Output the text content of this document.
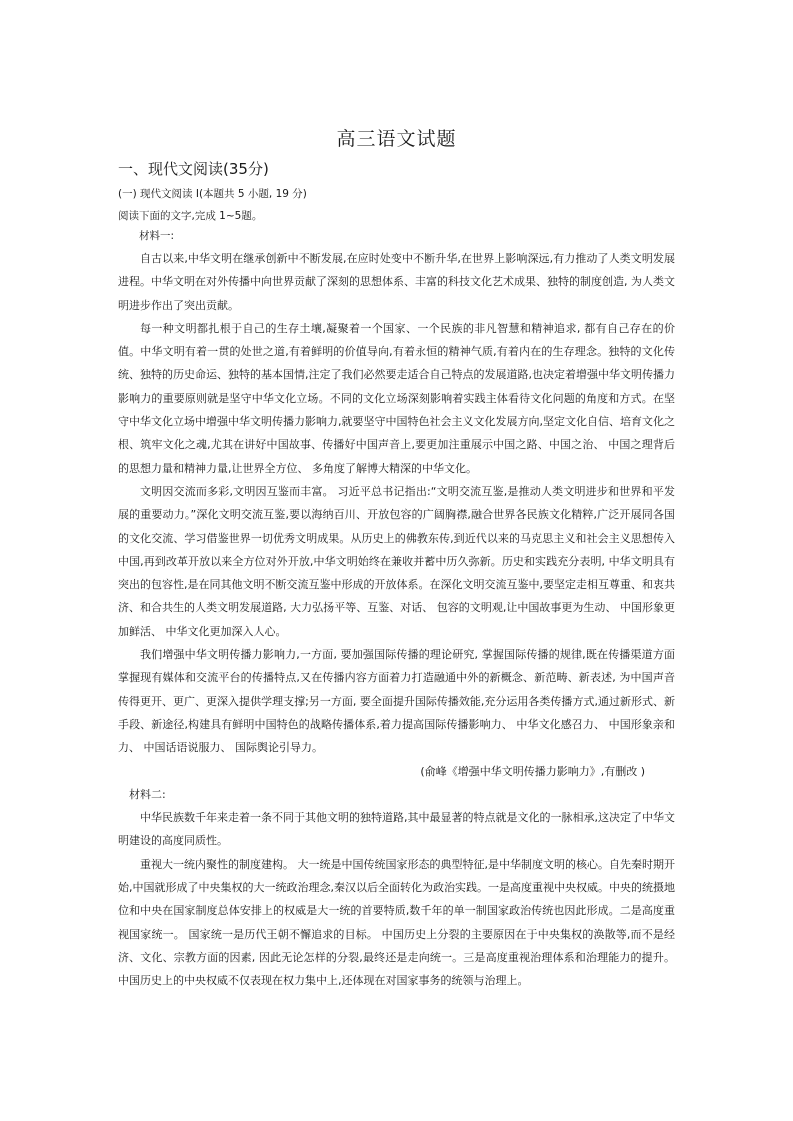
高三语文试题
一、现代文阅读(35分)
(一) 现代文阅读 I(本题共 5 小题, 19 分)
阅读下面的文字,完成 1~5题。
材料一:

自古以来,中华文明在继承创新中不断发展,在应时处变中不断升华,在世界上影响深远,有力推动了人类文明发展进程。中华文明在对外传播中向世界贡献了深刻的思想体系、丰富的科技文化艺术成果、独特的制度创造, 为人类文明进步作出了突出贡献。

每一种文明都扎根于自己的生存土壤,凝聚着一个国家、一个民族的非凡智慧和精神追求, 都有自己存在的价值。中华文明有着一贯的处世之道,有着鲜明的价值导向,有着永恒的精神气质,有着内在的生存理念。独特的文化传统、独特的历史命运、独特的基本国情,注定了我们必然要走适合自己特点的发展道路,也决定着增强中华文明传播力影响力的重要原则就是坚守中华文化立场。不同的文化立场深刻影响着实践主体看待文化问题的角度和方式。在坚守中华文化立场中增强中华文明传播力影响力,就要坚守中国特色社会主义文化发展方向,坚定文化自信、培育文化之根、筑牢文化之魂,尤其在讲好中国故事、传播好中国声音上,要更加注重展示中国之路、中国之治、 中国之理背后的思想力量和精神力量,让世界全方位、 多角度了解博大精深的中华文化。

文明因交流而多彩,文明因互鉴而丰富。 习近平总书记指出:“文明交流互鉴,是推动人类文明进步和世界和平发展的重要动力。”深化文明交流互鉴,要以海纳百川、开放包容的广阔胸襟,融合世界各民族文化精粹,广泛开展同各国的文化交流、学习借鉴世界一切优秀文明成果。从历史上的佛教东传,到近代以来的马克思主义和社会主义思想传入中国,再到改革开放以来全方位对外开放,中华文明始终在兼收并蓄中历久弥新。历史和实践充分表明, 中华文明具有突出的包容性,是在同其他文明不断交流互鉴中形成的开放体系。在深化文明交流互鉴中,要坚定走相互尊重、和衷共济、和合共生的人类文明发展道路, 大力弘扬平等、互鉴、对话、 包容的文明观,让中国故事更为生动、 中国形象更加鲜活、 中华文化更加深入人心。

我们增强中华文明传播力影响力,一方面, 要加强国际传播的理论研究, 掌握国际传播的规律,既在传播渠道方面掌握现有媒体和交流平台的传播特点,又在传播内容方面着力打造融通中外的新概念、新范畴、新表述, 为中国声音传得更开、更广、更深入提供学理支撑;另一方面, 要全面提升国际传播效能,充分运用各类传播方式,通过新形式、新手段、新途径,构建具有鲜明中国特色的战略传播体系,着力提高国际传播影响力、 中华文化感召力、 中国形象亲和力、 中国话语说服力、 国际舆论引导力。

(俞峰《增强中华文明传播力影响力》,有删改 )

材料二:

中华民族数千年来走着一条不同于其他文明的独特道路,其中最显著的特点就是文化的一脉相承,这决定了中华文明建设的高度同质性。

重视大一统内聚性的制度建构。 大一统是中国传统国家形态的典型特征,是中华制度文明的核心。自先秦时期开始,中国就形成了中央集权的大一统政治理念,秦汉以后全面转化为政治实践。一是高度重视中央权威。中央的统摄地位和中央在国家制度总体安排上的权威是大一统的首要特质,数千年的单一制国家政治传统也因此形成。二是高度重视国家统一。 国家统一是历代王朝不懈追求的目标。 中国历史上分裂的主要原因在于中央集权的涣散等,而不是经济、文化、宗教方面的因素, 因此无论怎样的分裂,最终还是走向统一。三是高度重视治理体系和治理能力的提升。中国历史上的中央权威不仅表现在权力集中上,还体现在对国家事务的统领与治理上。
